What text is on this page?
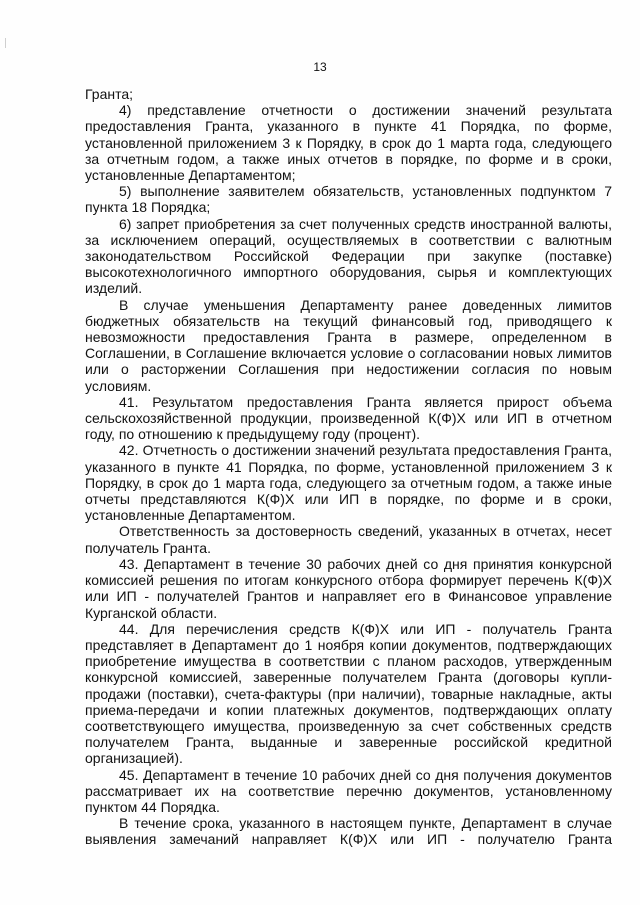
13

Гранта;

4) представление отчетности о достижении значений результата предоставления Гранта, указанного в пункте 41 Порядка, по форме, установленной приложением 3 к Порядку, в срок до 1 марта года, следующего за отчетным годом, а также иных отчетов в порядке, по форме и в сроки, установленные Департаментом;

5) выполнение заявителем обязательств, установленных подпунктом 7 пункта 18 Порядка;

6) запрет приобретения за счет полученных средств иностранной валюты, за исключением операций, осуществляемых в соответствии с валютным законодательством Российской Федерации при закупке (поставке) высокотехнологичного импортного оборудования, сырья и комплектующих изделий.

В случае уменьшения Департаменту ранее доведенных лимитов бюджетных обязательств на текущий финансовый год, приводящего к невозможности предоставления Гранта в размере, определенном в Соглашении, в Соглашение включается условие о согласовании новых лимитов или о расторжении Соглашения при недостижении согласия по новым условиям.

41. Результатом предоставления Гранта является прирост объема сельскохозяйственной продукции, произведенной К(Ф)Х или ИП в отчетном году, по отношению к предыдущему году (процент).

42. Отчетность о достижении значений результата предоставления Гранта, указанного в пункте 41 Порядка, по форме, установленной приложением 3 к Порядку, в срок до 1 марта года, следующего за отчетным годом, а также иные отчеты представляются К(Ф)Х или ИП в порядке, по форме и в сроки, установленные Департаментом.

Ответственность за достоверность сведений, указанных в отчетах, несет получатель Гранта.

43. Департамент в течение 30 рабочих дней со дня принятия конкурсной комиссией решения по итогам конкурсного отбора формирует перечень К(Ф)Х или ИП - получателей Грантов и направляет его в Финансовое управление Курганской области.

44. Для перечисления средств К(Ф)Х или ИП - получатель Гранта представляет в Департамент до 1 ноября копии документов, подтверждающих приобретение имущества в соответствии с планом расходов, утвержденным конкурсной комиссией, заверенные получателем Гранта (договоры купли-продажи (поставки), счета-фактуры (при наличии), товарные накладные, акты приема-передачи и копии платежных документов, подтверждающих оплату соответствующего имущества, произведенную за счет собственных средств получателем Гранта, выданные и заверенные российской кредитной организацией).

45. Департамент в течение 10 рабочих дней со дня получения документов рассматривает их на соответствие перечню документов, установленному пунктом 44 Порядка.

В течение срока, указанного в настоящем пункте, Департамент в случае выявления замечаний направляет К(Ф)Х или ИП - получателю Гранта
